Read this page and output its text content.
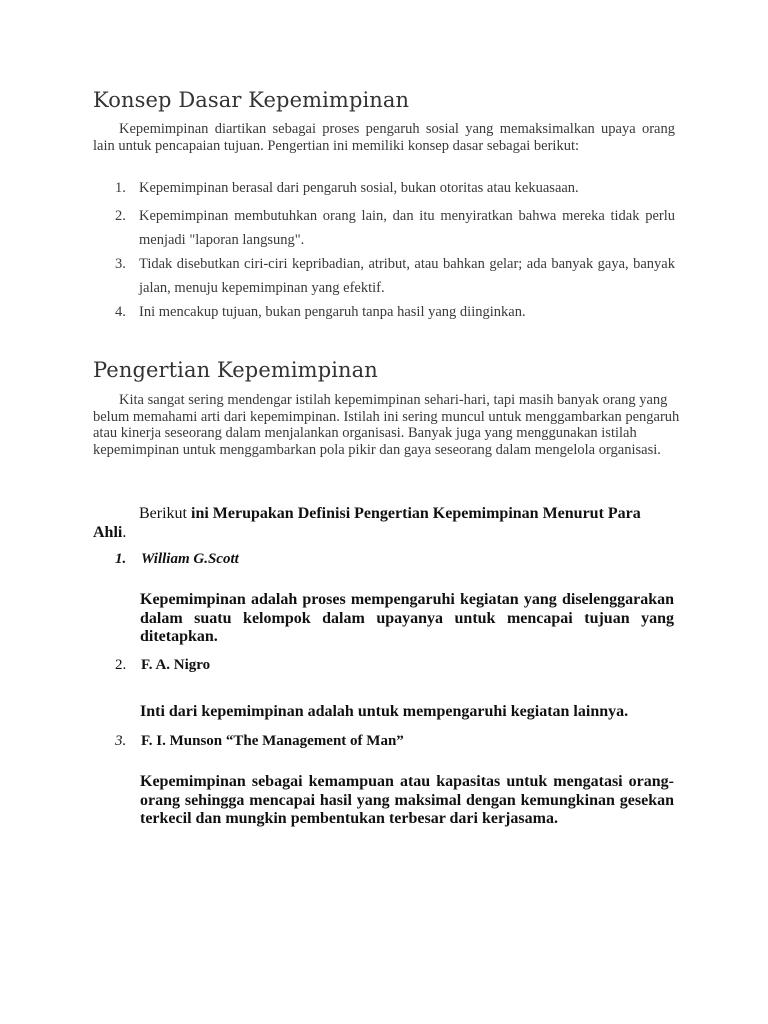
Konsep Dasar Kepemimpinan

Kepemimpinan diartikan sebagai proses pengaruh sosial yang memaksimalkan upaya orang lain untuk pencapaian tujuan. Pengertian ini memiliki konsep dasar sebagai berikut:

1. Kepemimpinan berasal dari pengaruh sosial, bukan otoritas atau kekuasaan.
2. Kepemimpinan membutuhkan orang lain, dan itu menyiratkan bahwa mereka tidak perlu menjadi "laporan langsung".
3. Tidak disebutkan ciri-ciri kepribadian, atribut, atau bahkan gelar; ada banyak gaya, banyak jalan, menuju kepemimpinan yang efektif.
4. Ini mencakup tujuan, bukan pengaruh tanpa hasil yang diinginkan.
Pengertian Kepemimpinan

Kita sangat sering mendengar istilah kepemimpinan sehari-hari, tapi masih banyak orang yang belum memahami arti dari kepemimpinan. Istilah ini sering muncul untuk menggambarkan pengaruh atau kinerja seseorang dalam menjalankan organisasi. Banyak juga yang menggunakan istilah kepemimpinan untuk menggambarkan pola pikir dan gaya seseorang dalam mengelola organisasi.

Berikut ini Merupakan Definisi Pengertian Kepemimpinan Menurut Para Ahli.
1. William G.Scott

Kepemimpinan adalah proses mempengaruhi kegiatan yang diselenggarakan dalam suatu kelompok dalam upayanya untuk mencapai tujuan yang ditetapkan.

2. F. A. Nigro

Inti dari kepemimpinan adalah untuk mempengaruhi kegiatan lainnya.

3. F. I. Munson “The Management of Man”

Kepemimpinan sebagai kemampuan atau kapasitas untuk mengatasi orang-orang sehingga mencapai hasil yang maksimal dengan kemungkinan gesekan terkecil dan mungkin pembentukan terbesar dari kerjasama.
